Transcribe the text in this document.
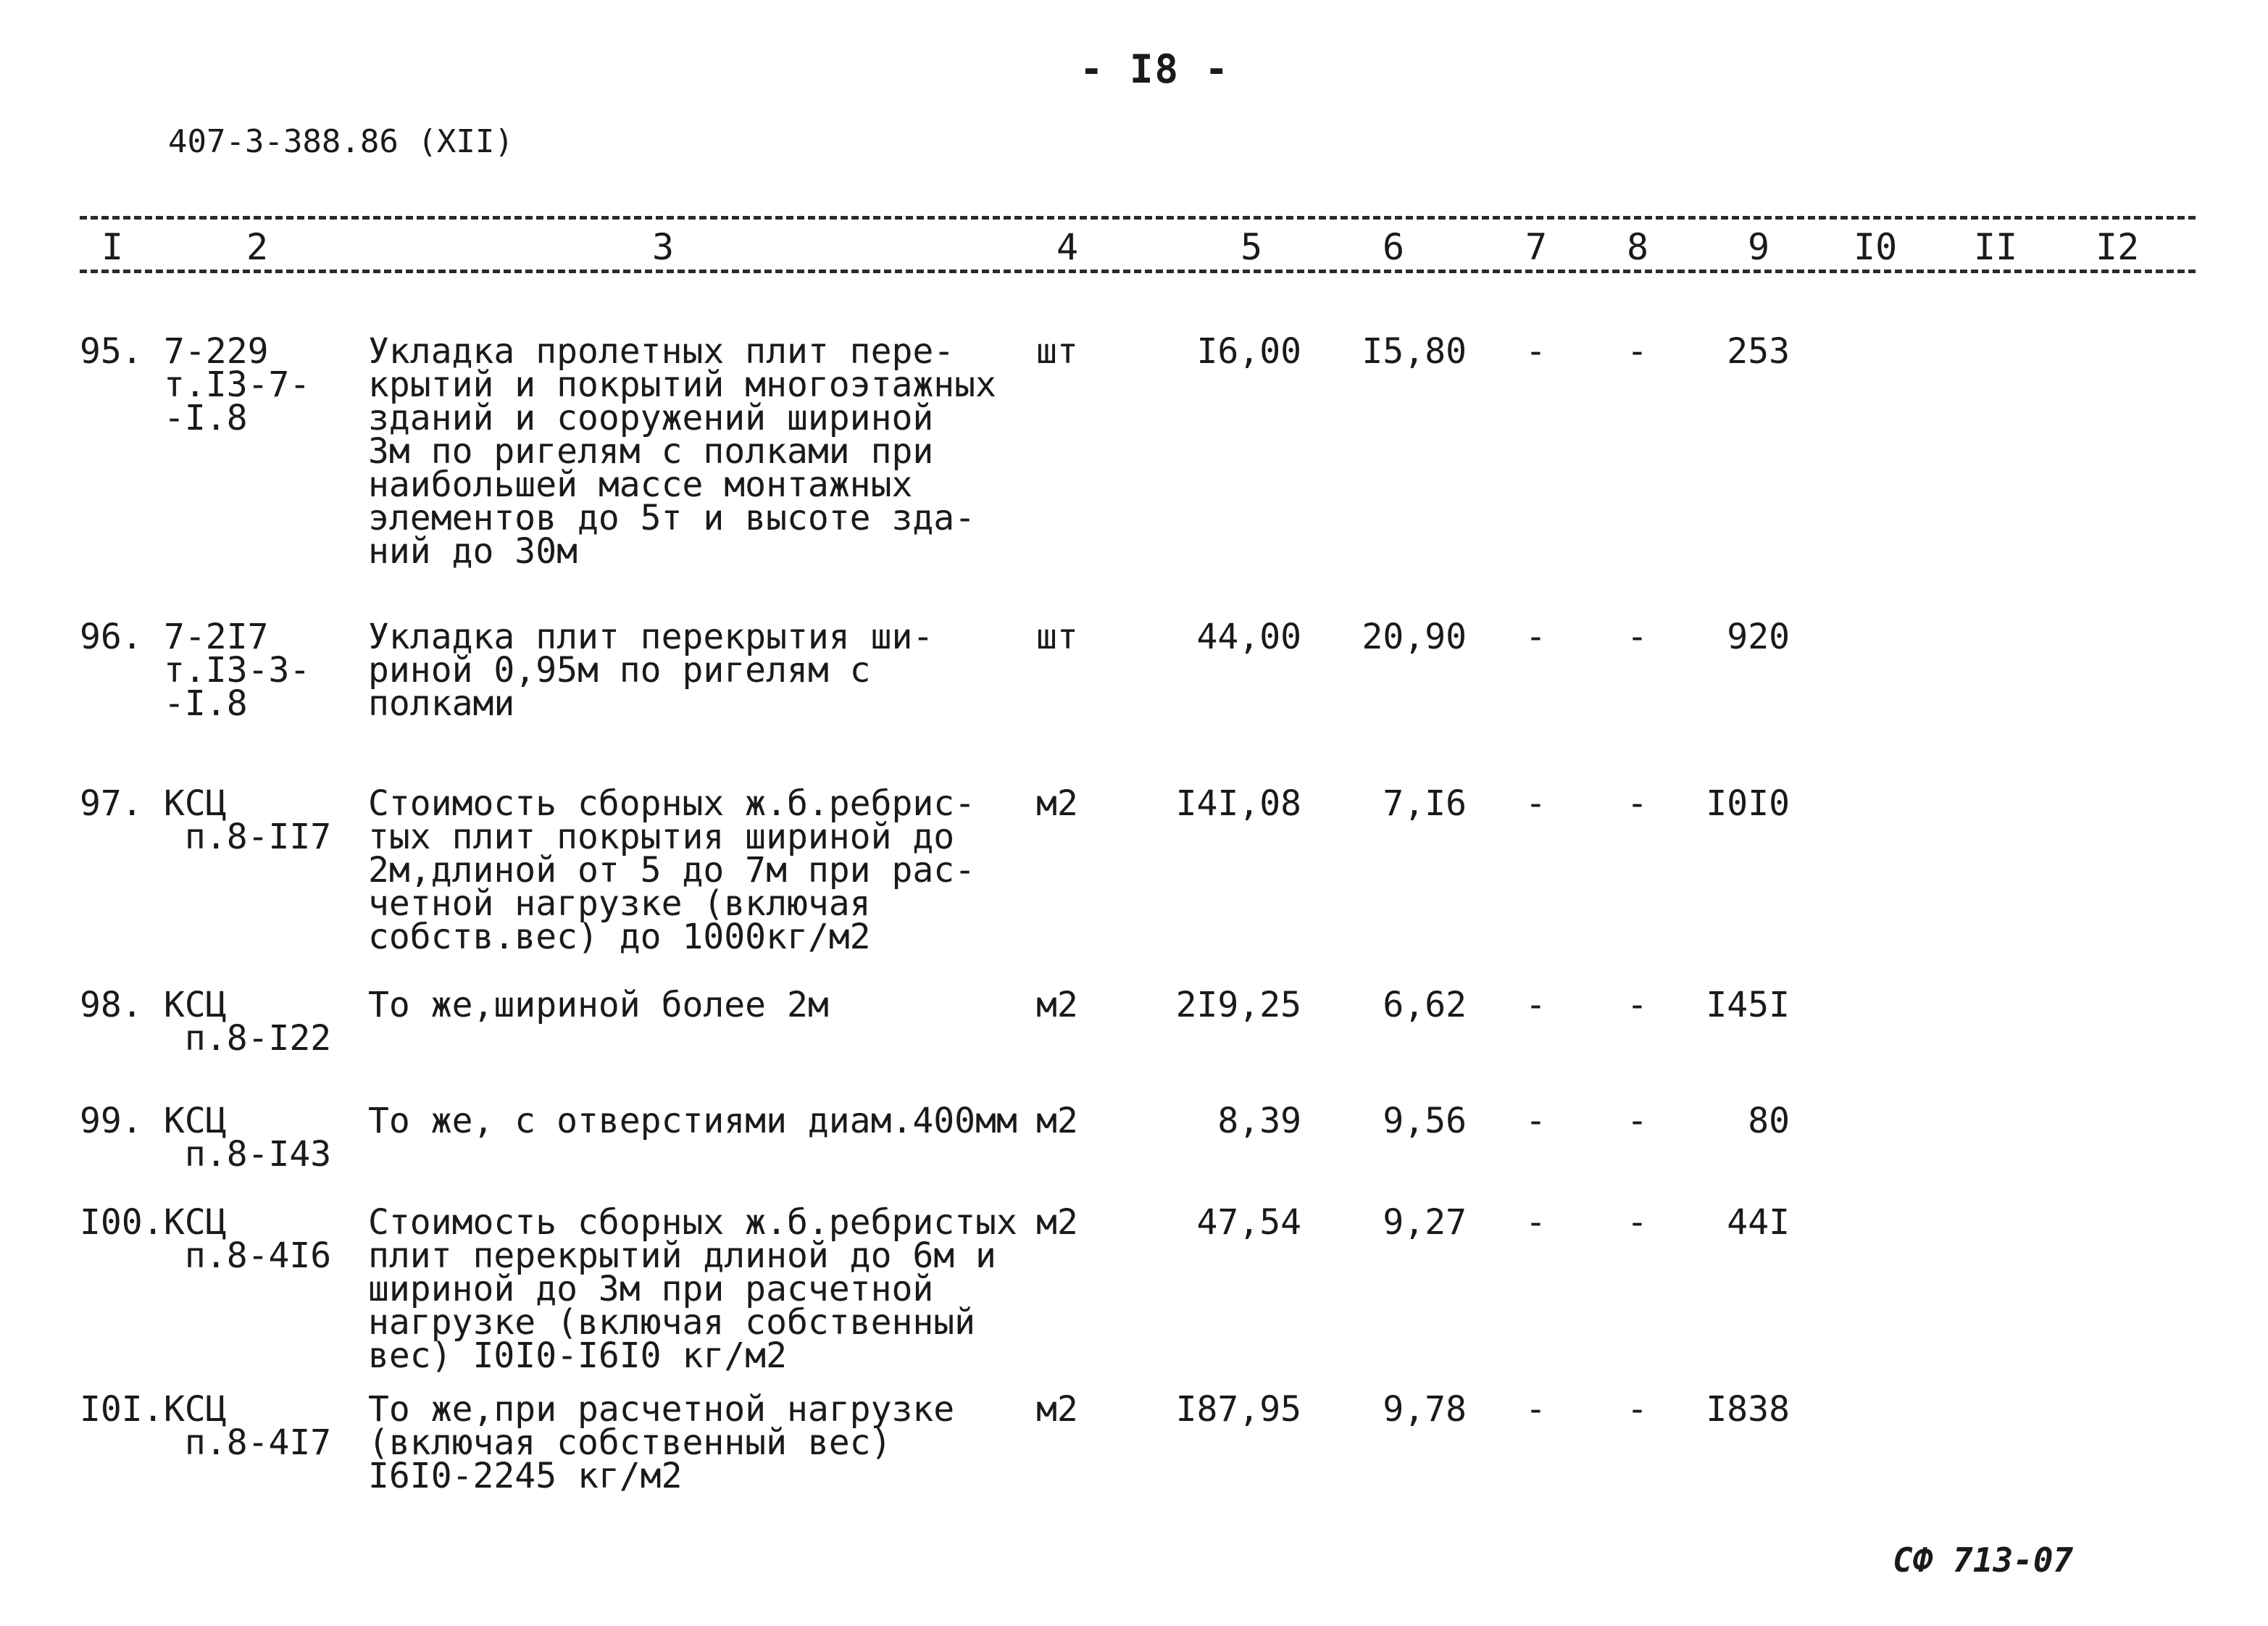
- I8 -
407-3-388.86 (XII)
I	2	3	4	5	6	7 8	9 I0 II I2
95. 7-229
т.I3-7-
-I.8
Укладка пролетных плит пере-
крытий и покрытий многоэтажных
зданий и сооружений шириной
3м по ригелям с полками при
наибольшей массе монтажных
элементов до 5т и высоте зда-
ний до 30м
шт	I6,00 I5,80 - - 253
96. 7-2I7
т.I3-3-
-I.8
Укладка плит перекрытия ши-
риной 0,95м по ригелям с
полками
шт	44,00 20,90 - - 920
97. КСЦ
п.8-II7
Стоимость сборных ж.б.ребрис-
тых плит покрытия шириной до
2м,длиной от 5 до 7м при рас-
четной нагрузке (включая
собств.вес) до 1000кг/м2
м2	I4I,08 7,I6 - - I0I0
98. КСЦ
п.8-I22
То же,шириной более 2м	м2	2I9,25 6,62 - - I45I
99. КСЦ
п.8-I43
То же, с отверстиями диам.400мм м2	8,39 9,56 - -	80
I00. КСЦ
п.8-4I6
Стоимость сборных ж.б.ребристых
плит перекрытий длиной до 6м и
шириной до 3м при расчетной
нагрузке (включая собственный
вес) I0I0-I6I0 кг/м2
м2	47,54 9,27 - - 44I
I0I. КСЦ
п.8-4I7
То же,при расчетной нагрузке
(включая собственный вес)
I6I0-2245 кг/м2
м2	I87,95 9,78 - - I838
СФ 713-07
